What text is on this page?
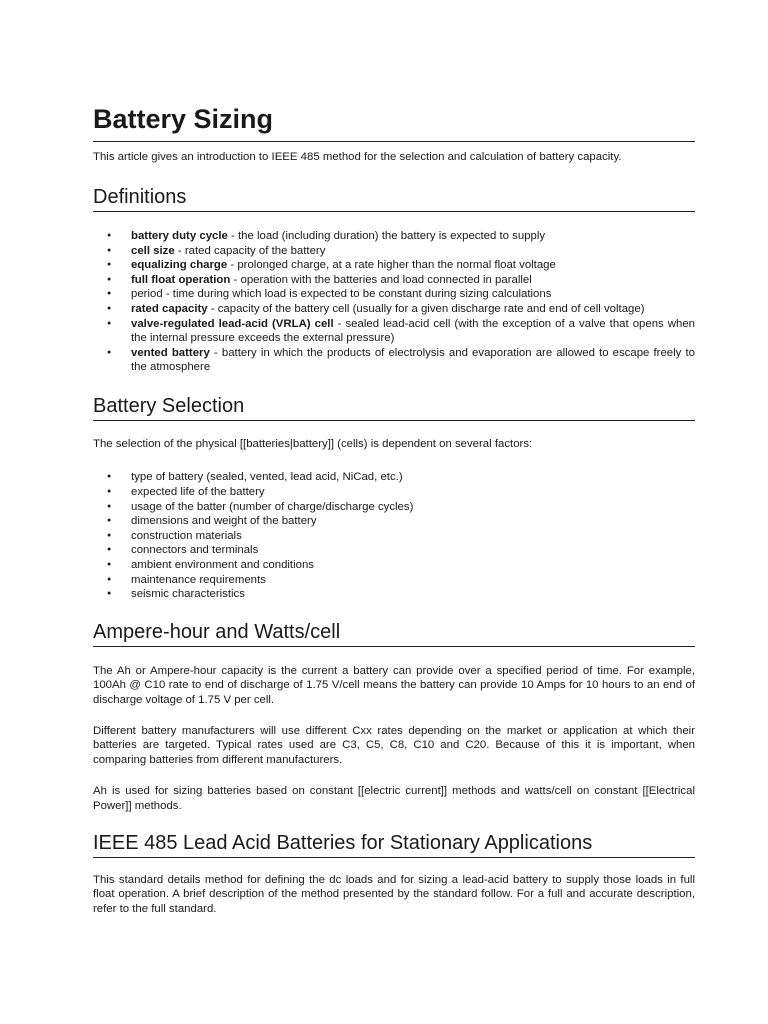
Battery Sizing

This article gives an introduction to IEEE 485 method for the selection and calculation of battery capacity.

Definitions
● battery duty cycle - the load (including duration) the battery is expected to supply
● cell size - rated capacity of the battery
● equalizing charge - prolonged charge, at a rate higher than the normal float voltage
● full float operation - operation with the batteries and load connected in parallel
● period - time during which load is expected to be constant during sizing calculations
● rated capacity - capacity of the battery cell (usually for a given discharge rate and end of cell voltage)
● valve-regulated lead-acid (VRLA) cell - sealed lead-acid cell (with the exception of a valve that opens when the internal pressure exceeds the external pressure)
● vented battery - battery in which the products of electrolysis and evaporation are allowed to escape freely to the atmosphere
Battery Selection

The selection of the physical [[batteries|battery]] (cells) is dependent on several factors:

● type of battery (sealed, vented, lead acid, NiCad, etc.)
● expected life of the battery
● usage of the batter (number of charge/discharge cycles)
● dimensions and weight of the battery
● construction materials
● connectors and terminals
● ambient environment and conditions
● maintenance requirements
● seismic characteristics
Ampere-hour and Watts/cell

The Ah or Ampere-hour capacity is the current a battery can provide over a specified period of time. For example, 100Ah @ C10 rate to end of discharge of 1.75 V/cell means the battery can provide 10 Amps for 10 hours to an end of discharge voltage of 1.75 V per cell.

Different battery manufacturers will use different Cxx rates depending on the market or application at which their batteries are targeted. Typical rates used are C3, C5, C8, C10 and C20. Because of this it is important, when comparing batteries from different manufacturers.

Ah is used for sizing batteries based on constant [[electric current]] methods and watts/cell on constant [[Electrical Power]] methods.

IEEE 485 Lead Acid Batteries for Stationary Applications

This standard details method for defining the dc loads and for sizing a lead-acid battery to supply those loads in full float operation. A brief description of the method presented by the standard follow. For a full and accurate description, refer to the full standard.
